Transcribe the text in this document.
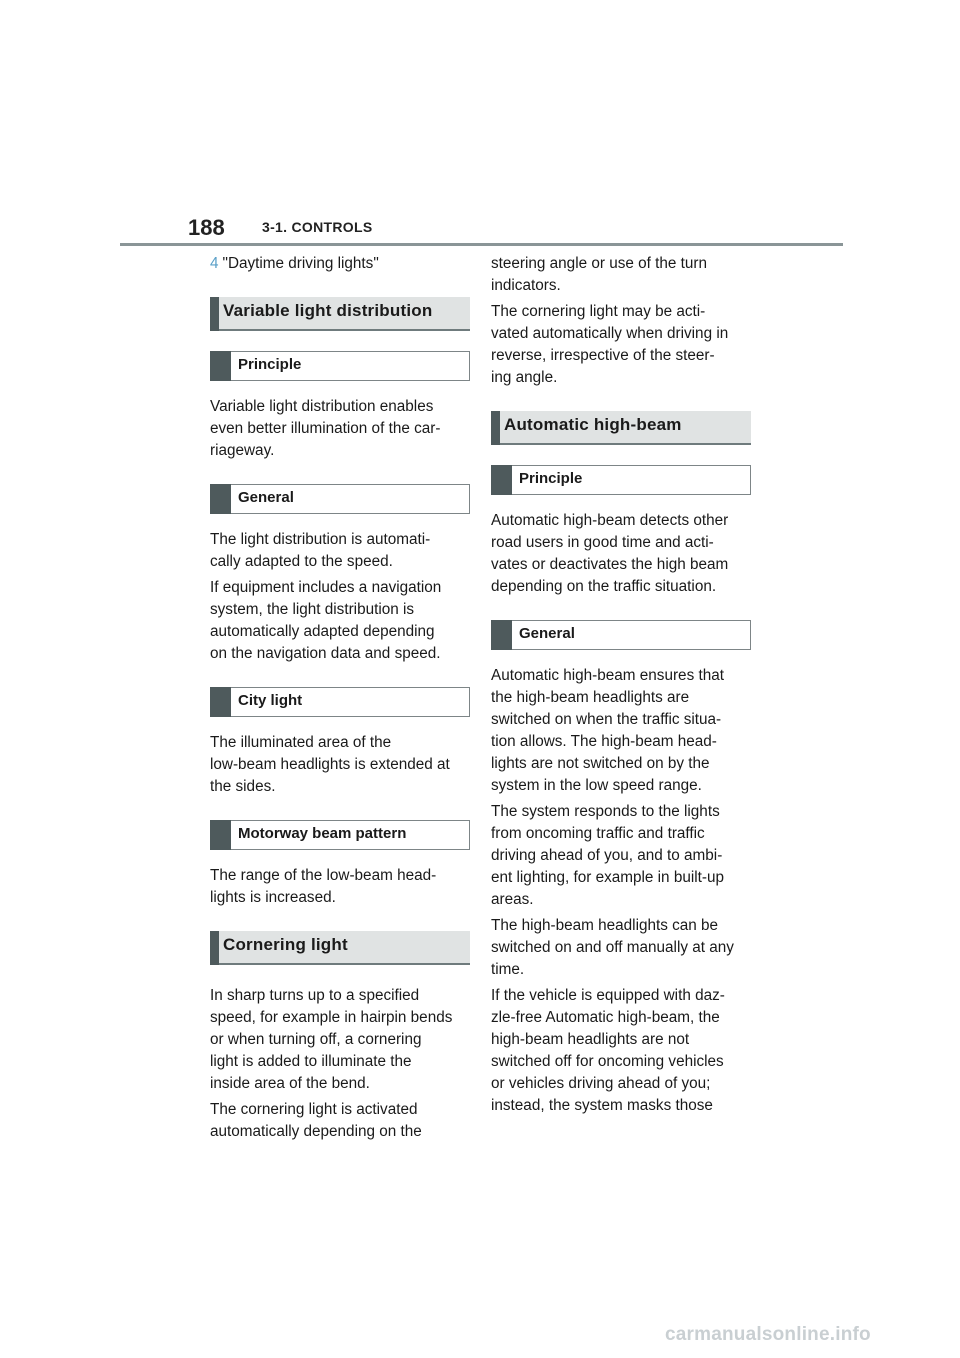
188	3-1. CONTROLS

4 "Daytime driving lights"

Variable light distribution
Principle

Variable light distribution enables
even better illumination of the car-
riageway.

General

The light distribution is automati-
cally adapted to the speed.

If equipment includes a navigation
system, the light distribution is
automatically adapted depending
on the navigation data and speed.

City light

The illuminated area of the
low-beam headlights is extended at
the sides.

Motorway beam pattern

The range of the low-beam head-
lights is increased.

Cornering light

In sharp turns up to a specified
speed, for example in hairpin bends
or when turning off, a cornering
light is added to illuminate the
inside area of the bend.

The cornering light is activated
automatically depending on the

steering angle or use of the turn
indicators.

The cornering light may be acti-
vated automatically when driving in
reverse, irrespective of the steer-
ing angle.

Automatic high-beam
Principle

Automatic high-beam detects other
road users in good time and acti-
vates or deactivates the high beam
depending on the traffic situation.

General

Automatic high-beam ensures that
the high-beam headlights are
switched on when the traffic situa-
tion allows. The high-beam head-
lights are not switched on by the
system in the low speed range.

The system responds to the lights
from oncoming traffic and traffic
driving ahead of you, and to ambi-
ent lighting, for example in built-up
areas.

The high-beam headlights can be
switched on and off manually at any
time.

If the vehicle is equipped with daz-
zle-free Automatic high-beam, the
high-beam headlights are not
switched off for oncoming vehicles
or vehicles driving ahead of you;
instead, the system masks those

carmanualsonline.info
